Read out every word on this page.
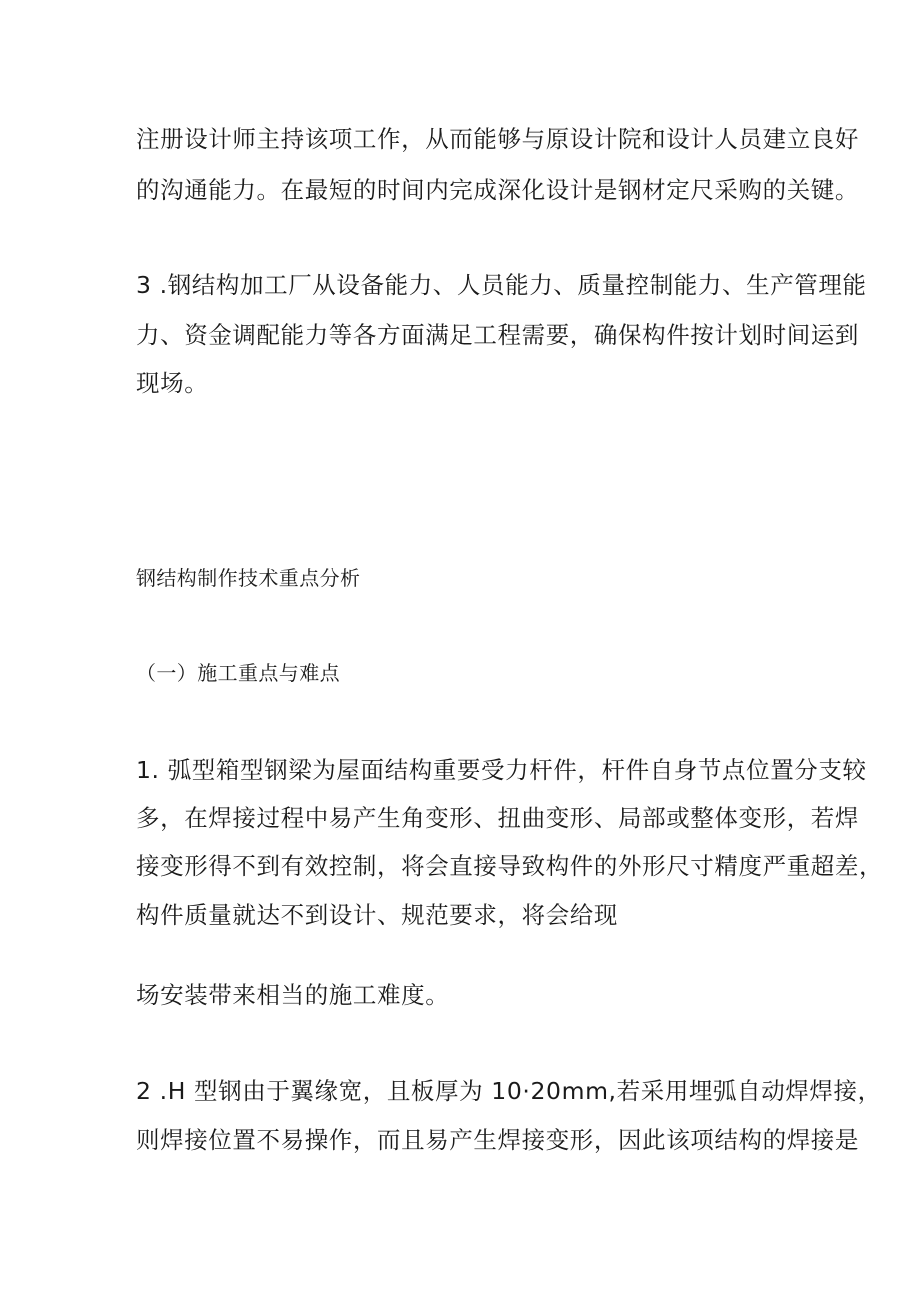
注册设计师主持该项工作，从而能够与原设计院和设计人员建立良好
的沟通能力。在最短的时间内完成深化设计是钢材定尺采购的关键。
3 .钢结构加工厂从设备能力、人员能力、质量控制能力、生产管理能
力、资金调配能力等各方面满足工程需要，确保构件按计划时间运到
现场。
钢结构制作技术重点分析
（一）施工重点与难点
1. 弧型箱型钢梁为屋面结构重要受力杆件，杆件自身节点位置分支较
多，在焊接过程中易产生角变形、扭曲变形、局部或整体变形，若焊
接变形得不到有效控制，将会直接导致构件的外形尺寸精度严重超差，
构件质量就达不到设计、规范要求，将会给现
场安装带来相当的施工难度。
2 .H 型钢由于翼缘宽，且板厚为 10·20mm,若采用埋弧自动焊焊接，
则焊接位置不易操作，而且易产生焊接变形，因此该项结构的焊接是
